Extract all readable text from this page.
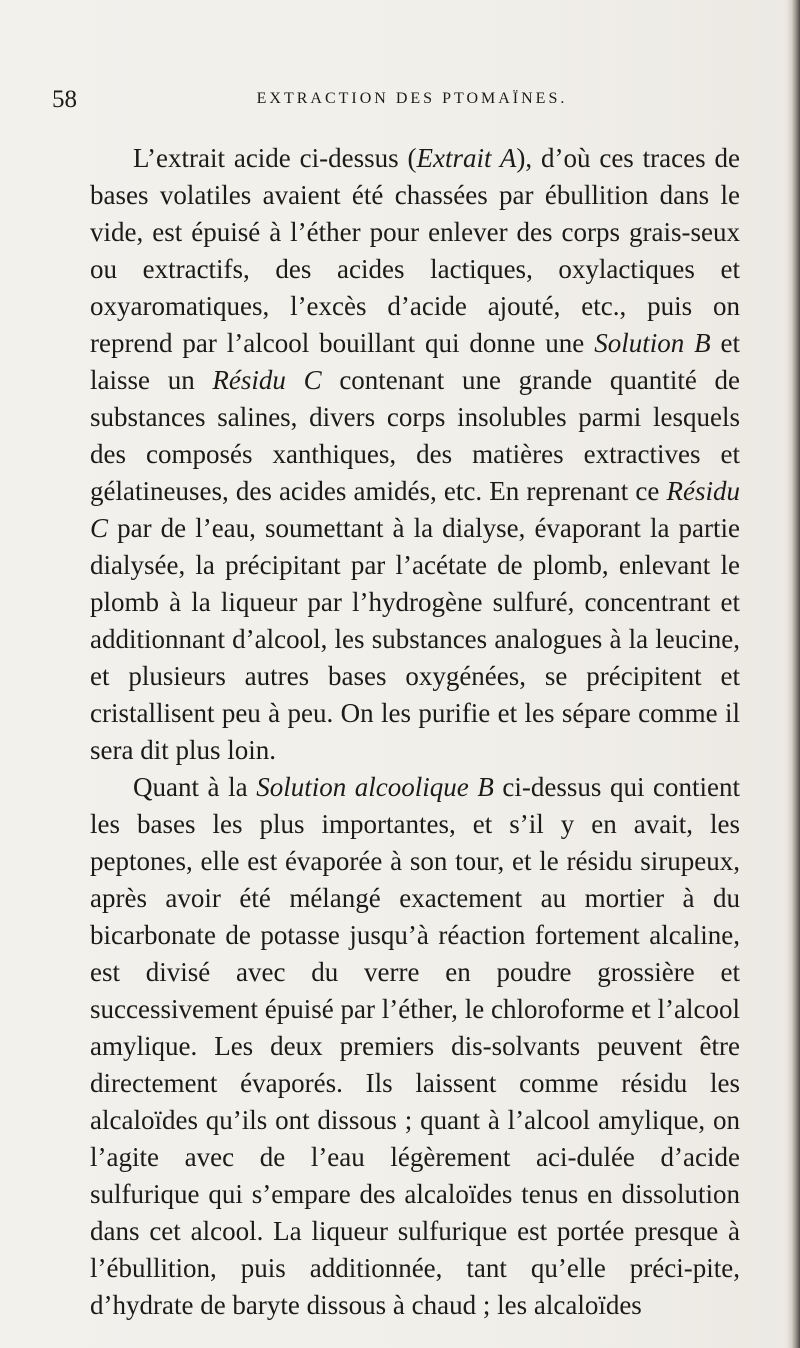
58	EXTRACTION DES PTOMAÏNES.

L’extrait acide ci-dessus (Extrait A), d’où ces traces de bases volatiles avaient été chassées par ébullition dans le vide, est épuisé à l’éther pour enlever des corps grais-seux ou extractifs, des acides lactiques, oxylactiques et oxyaromatiques, l’excès d’acide ajouté, etc., puis on reprend par l’alcool bouillant qui donne une Solution B et laisse un Résidu C contenant une grande quantité de substances salines, divers corps insolubles parmi lesquels des composés xanthiques, des matières extractives et gélatineuses, des acides amidés, etc. En reprenant ce Résidu C par de l’eau, soumettant à la dialyse, évaporant la partie dialysée, la précipitant par l’acétate de plomb, enlevant le plomb à la liqueur par l’hydrogène sulfuré, concentrant et additionnant d’alcool, les substances analogues à la leucine, et plusieurs autres bases oxygénées, se précipitent et cristallisent peu à peu. On les purifie et les sépare comme il sera dit plus loin.

Quant à la Solution alcoolique B ci-dessus qui contient les bases les plus importantes, et s’il y en avait, les peptones, elle est évaporée à son tour, et le résidu sirupeux, après avoir été mélangé exactement au mortier à du bicarbonate de potasse jusqu’à réaction fortement alcaline, est divisé avec du verre en poudre grossière et successivement épuisé par l’éther, le chloroforme et l’alcool amylique. Les deux premiers dis-solvants peuvent être directement évaporés. Ils laissent comme résidu les alcaloïdes qu’ils ont dissous ; quant à l’alcool amylique, on l’agite avec de l’eau légèrement aci-dulée d’acide sulfurique qui s’empare des alcaloïdes tenus en dissolution dans cet alcool. La liqueur sulfurique est portée presque à l’ébullition, puis additionnée, tant qu’elle préci-pite, d’hydrate de baryte dissous à chaud ; les alcaloïdes
